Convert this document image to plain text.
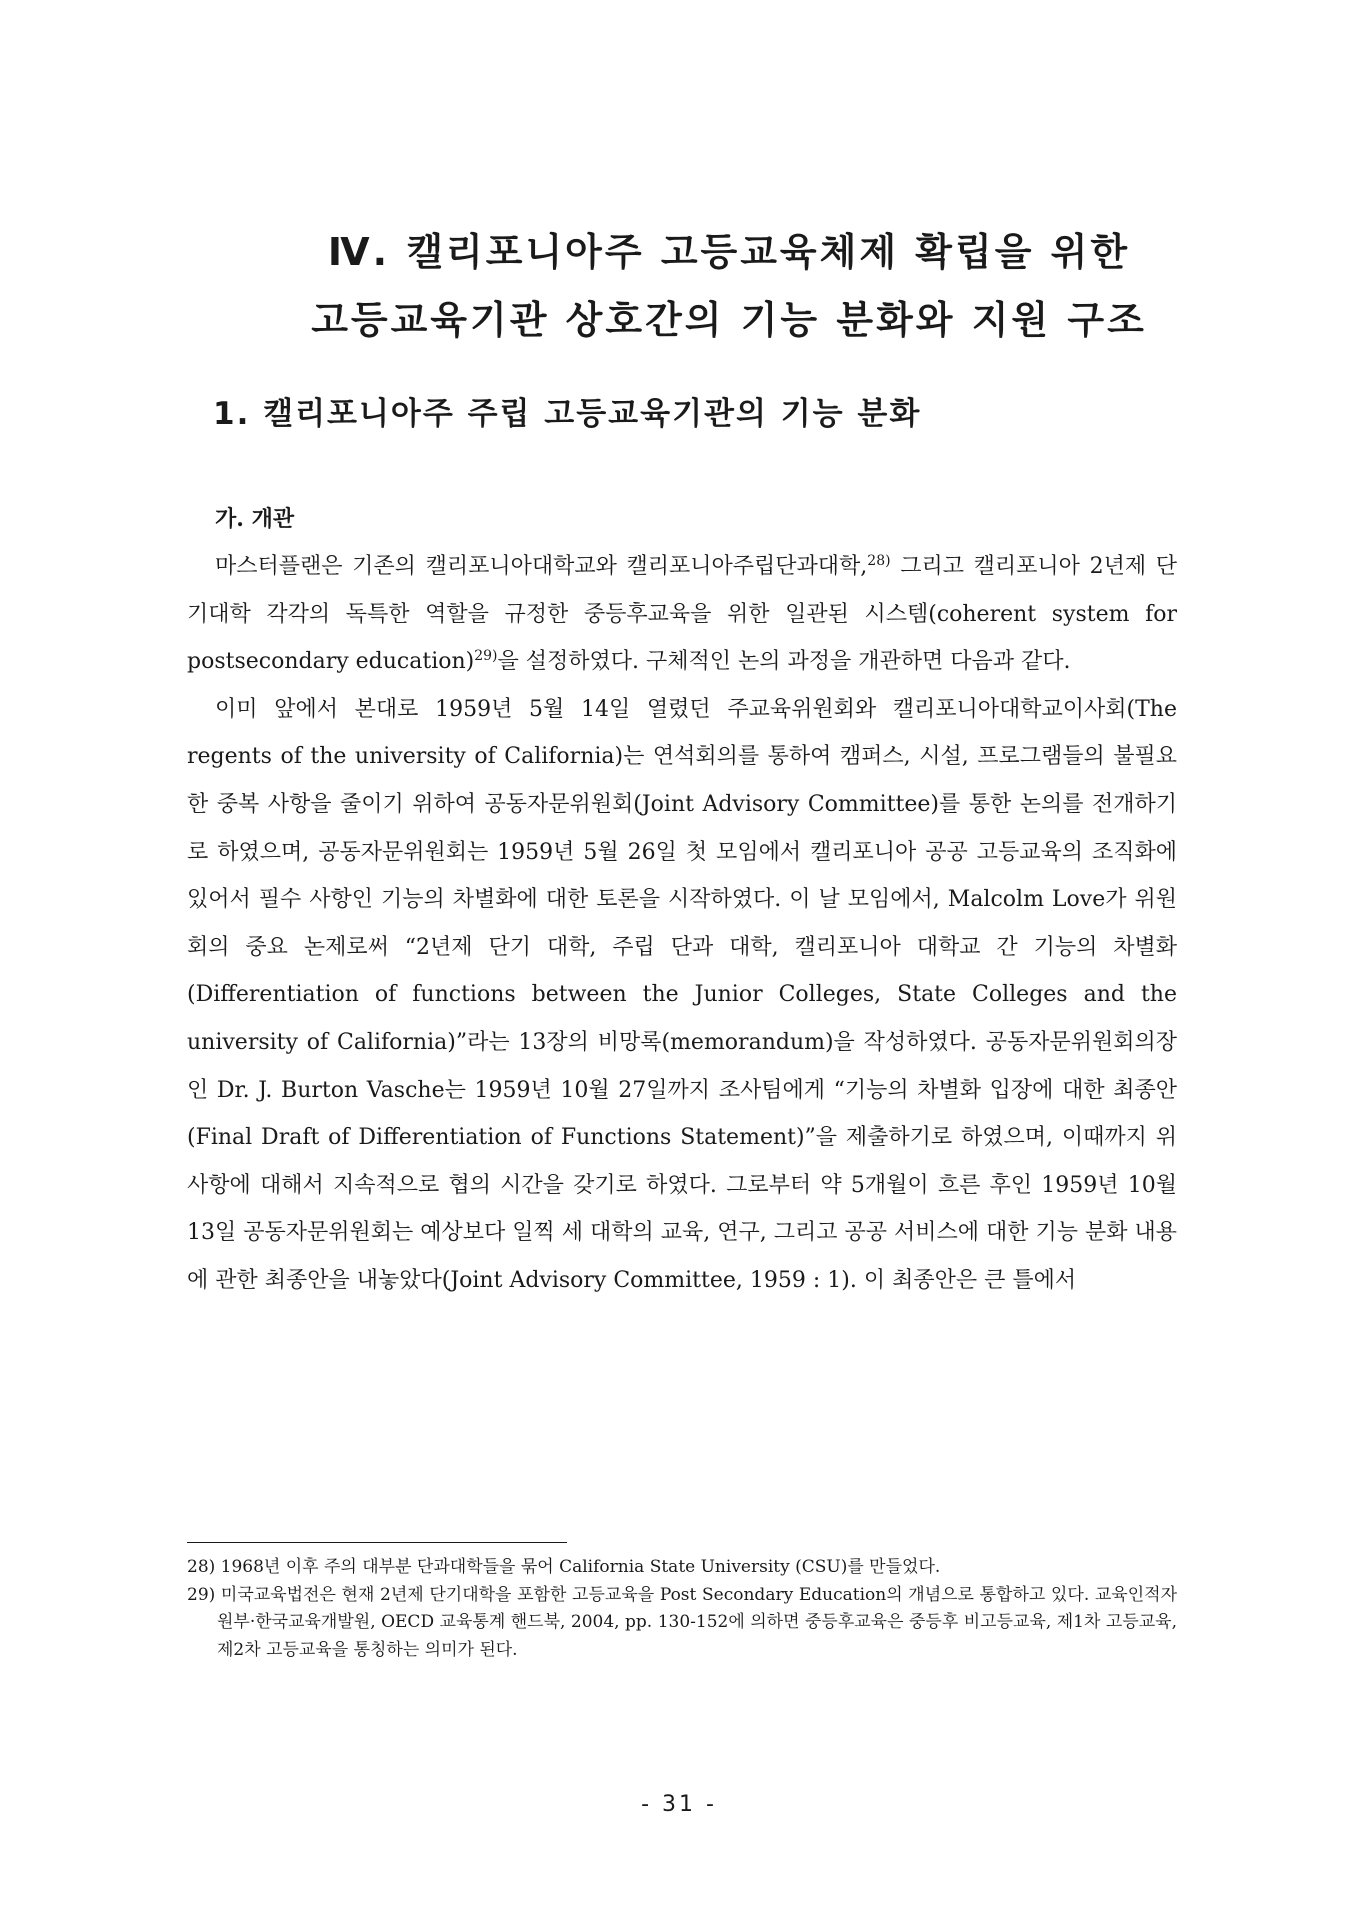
Ⅳ. 캘리포니아주 고등교육체제 확립을 위한
고등교육기관 상호간의 기능 분화와 지원 구조
1. 캘리포니아주 주립 고등교육기관의 기능 분화
가. 개관

마스터플랜은 기존의 캘리포니아대학교와 캘리포니아주립단과대학,$^{28)}$ 그리고 캘리포니아 2년제 단기대학 각각의 독특한 역할을 규정한 중등후교육을 위한 일관된 시스템(coherent system for postsecondary education)$^{29)}$을 설정하였다. 구체적인 논의 과정을 개관하면 다음과 같다.

이미 앞에서 본대로 1959년 5월 14일 열렸던 주교육위원회와 캘리포니아대학교이사회(The regents of the university of California)는 연석회의를 통하여 캠퍼스, 시설, 프로그램들의 불필요한 중복 사항을 줄이기 위하여 공동자문위원회(Joint Advisory Committee)를 통한 논의를 전개하기로 하였으며, 공동자문위원회는 1959년 5월 26일 첫 모임에서 캘리포니아 공공 고등교육의 조직화에 있어서 필수 사항인 기능의 차별화에 대한 토론을 시작하였다. 이 날 모임에서, Malcolm Love가 위원회의 중요 논제로써 “2년제 단기 대학, 주립 단과 대학, 캘리포니아 대학교 간 기능의 차별화(Differentiation of functions between the Junior Colleges, State Colleges and the university of California)”라는 13장의 비망록(memorandum)을 작성하였다. 공동자문위원회의장인 Dr. J. Burton Vasche는 1959년 10월 27일까지 조사팀에게 “기능의 차별화 입장에 대한 최종안(Final Draft of Differentiation of Functions Statement)”을 제출하기로 하였으며, 이때까지 위 사항에 대해서 지속적으로 협의 시간을 갖기로 하였다. 그로부터 약 5개월이 흐른 후인 1959년 10월 13일 공동자문위원회는 예상보다 일찍 세 대학의 교육, 연구, 그리고 공공 서비스에 대한 기능 분화 내용에 관한 최종안을 내놓았다(Joint Advisory Committee, 1959 : 1). 이 최종안은 큰 틀에서

28) 1968년 이후 주의 대부분 단과대학들을 묶어 California State University (CSU)를 만들었다.

29) 미국교육법전은 현재 2년제 단기대학을 포함한 고등교육을 Post Secondary Education의 개념으로 통합하고 있다. 교육인적자원부·한국교육개발원, OECD 교육통계 핸드북, 2004, pp. 130-152에 의하면 중등후교육은 중등후 비고등교육, 제1차 고등교육, 제2차 고등교육을 통칭하는 의미가 된다.

- 31 -
